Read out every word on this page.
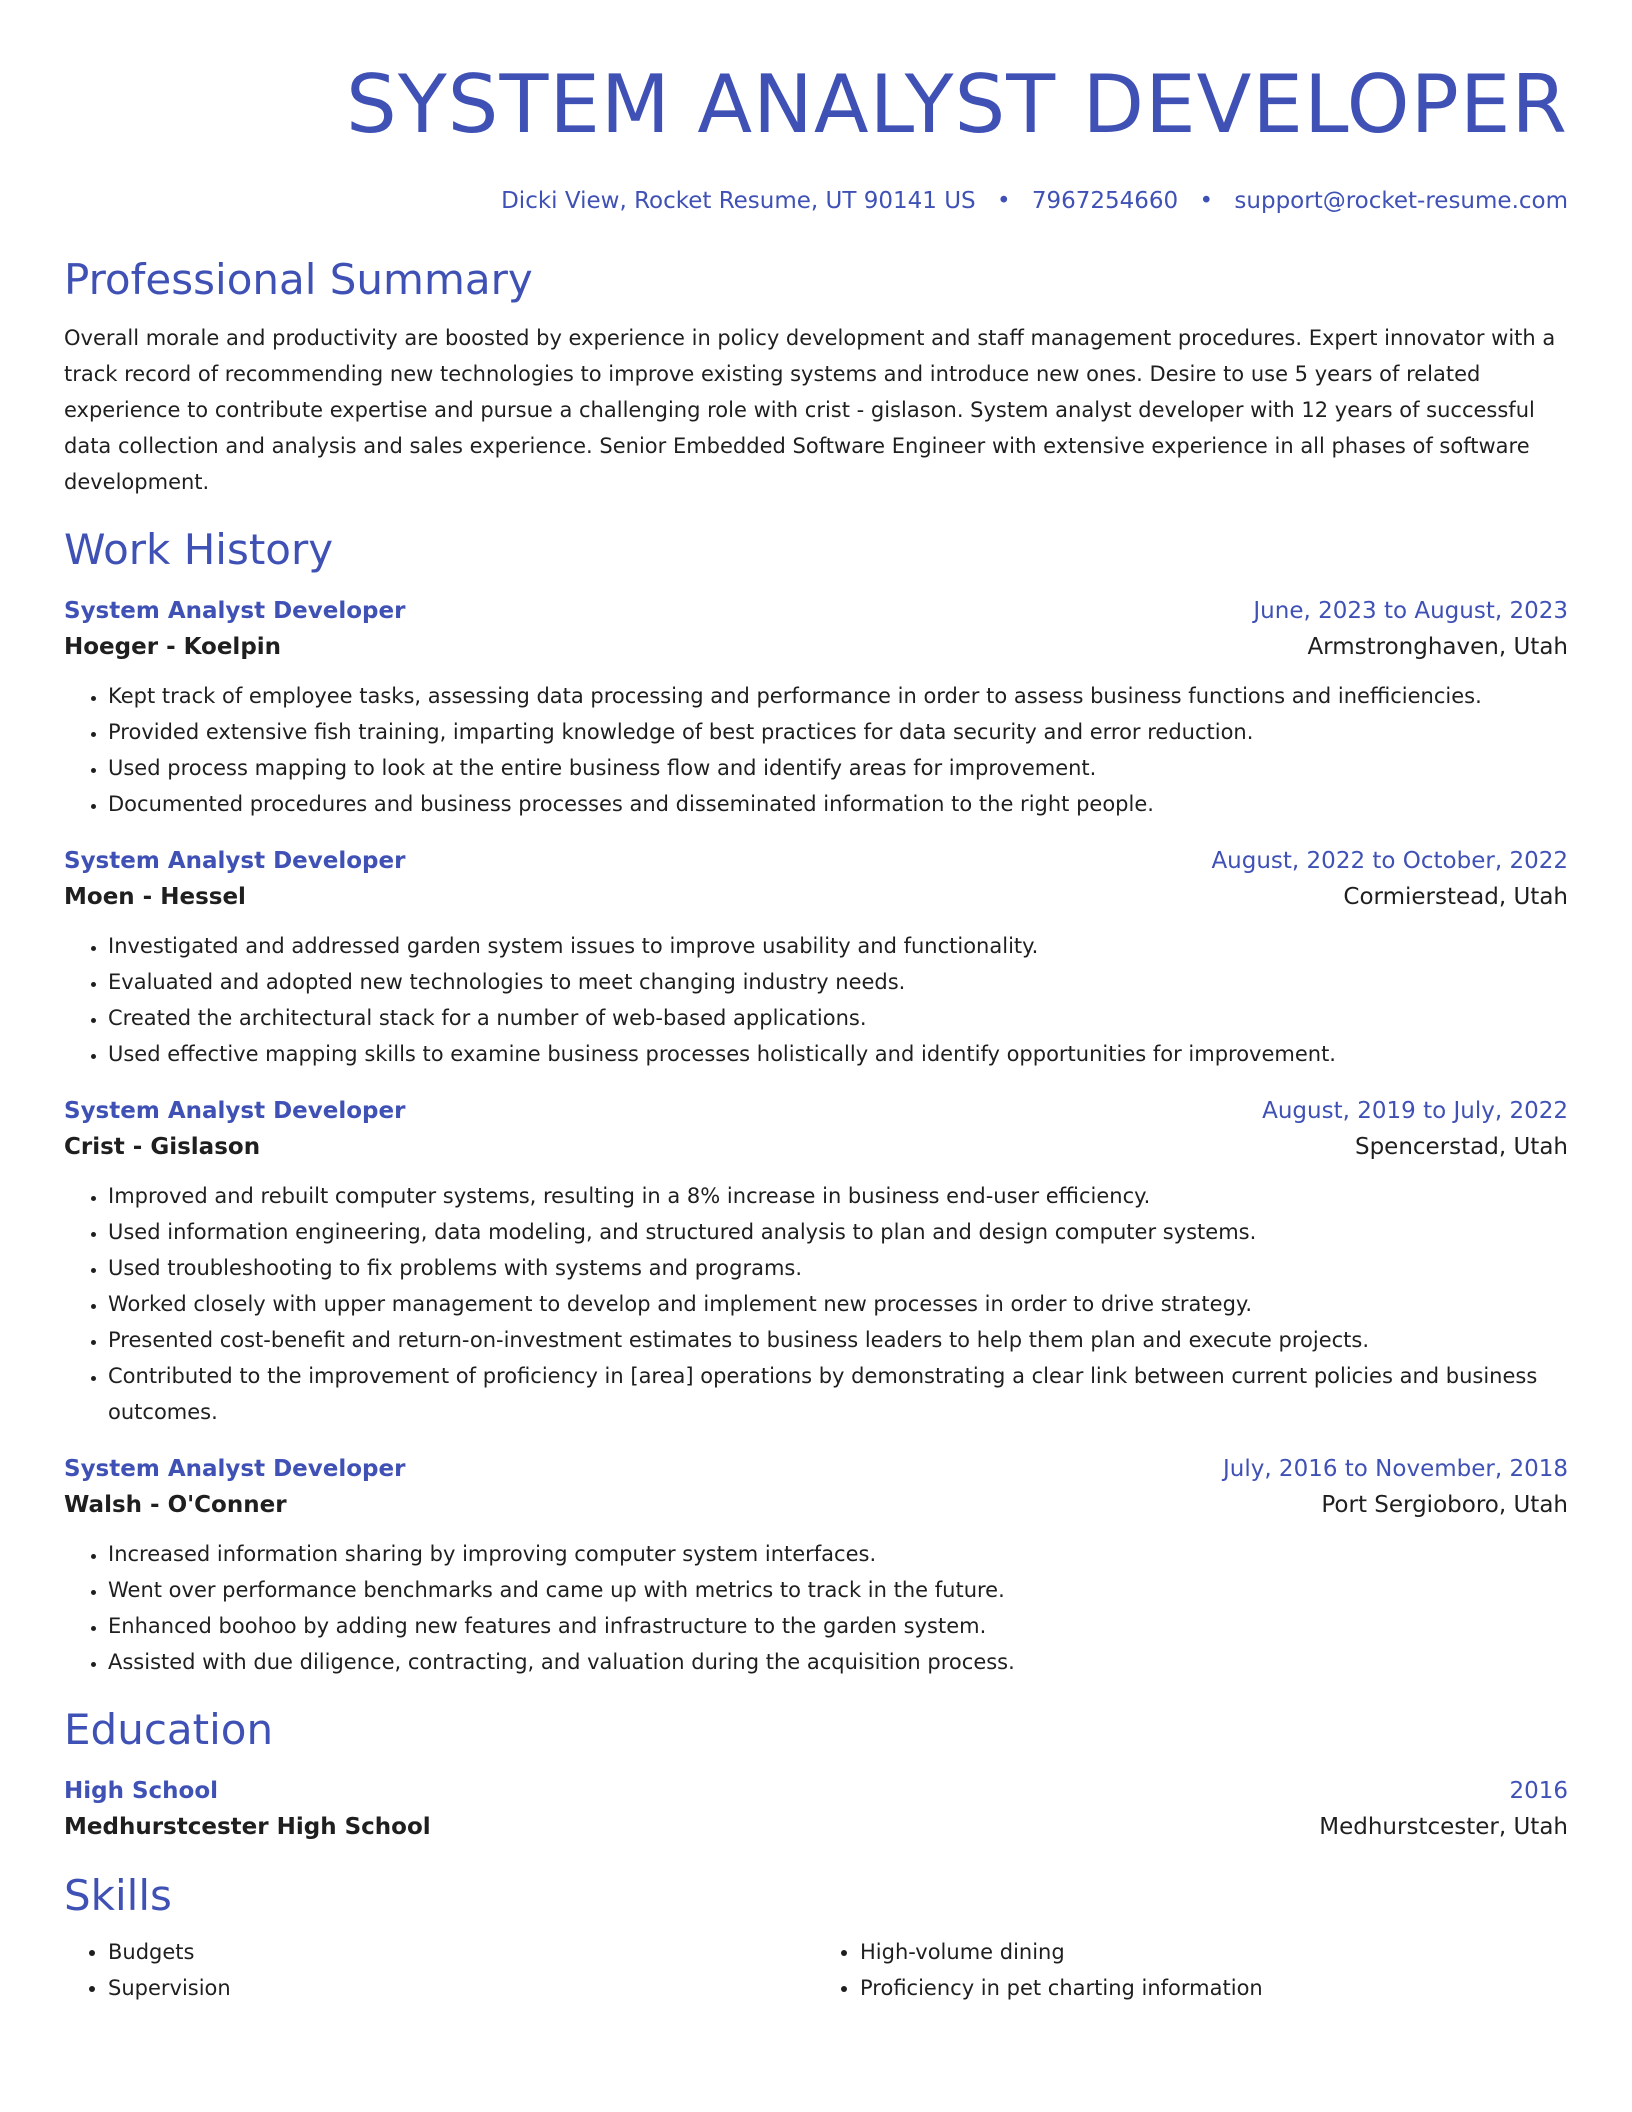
SYSTEM ANALYST DEVELOPER
Dicki View, Rocket Resume, UT 90141 US • 7967254660 • support@rocket-resume.com
Professional Summary
Overall morale and productivity are boosted by experience in policy development and staff management procedures. Expert innovator with a track record of recommending new technologies to improve existing systems and introduce new ones. Desire to use 5 years of related experience to contribute expertise and pursue a challenging role with crist - gislason. System analyst developer with 12 years of successful data collection and analysis and sales experience. Senior Embedded Software Engineer with extensive experience in all phases of software development.
Work History
System Analyst Developer	June, 2023 to August, 2023
Hoeger - Koelpin	Armstronghaven, Utah
• Kept track of employee tasks, assessing data processing and performance in order to assess business functions and inefficiencies.
• Provided extensive fish training, imparting knowledge of best practices for data security and error reduction.
• Used process mapping to look at the entire business flow and identify areas for improvement.
• Documented procedures and business processes and disseminated information to the right people.
System Analyst Developer	August, 2022 to October, 2022
Moen - Hessel	Cormierstead, Utah
• Investigated and addressed garden system issues to improve usability and functionality.
• Evaluated and adopted new technologies to meet changing industry needs.
• Created the architectural stack for a number of web-based applications.
• Used effective mapping skills to examine business processes holistically and identify opportunities for improvement.
System Analyst Developer	August, 2019 to July, 2022
Crist - Gislason	Spencerstad, Utah
• Improved and rebuilt computer systems, resulting in a 8% increase in business end-user efficiency.
• Used information engineering, data modeling, and structured analysis to plan and design computer systems.
• Used troubleshooting to fix problems with systems and programs.
• Worked closely with upper management to develop and implement new processes in order to drive strategy.
• Presented cost-benefit and return-on-investment estimates to business leaders to help them plan and execute projects.
• Contributed to the improvement of proficiency in [area] operations by demonstrating a clear link between current policies and business outcomes.
System Analyst Developer	July, 2016 to November, 2018
Walsh - O'Conner	Port Sergioboro, Utah
• Increased information sharing by improving computer system interfaces.
• Went over performance benchmarks and came up with metrics to track in the future.
• Enhanced boohoo by adding new features and infrastructure to the garden system.
• Assisted with due diligence, contracting, and valuation during the acquisition process.
Education
High School	2016
Medhurstcester High School	Medhurstcester, Utah
Skills
• Budgets
• Supervision
• High-volume dining
• Proficiency in pet charting information
